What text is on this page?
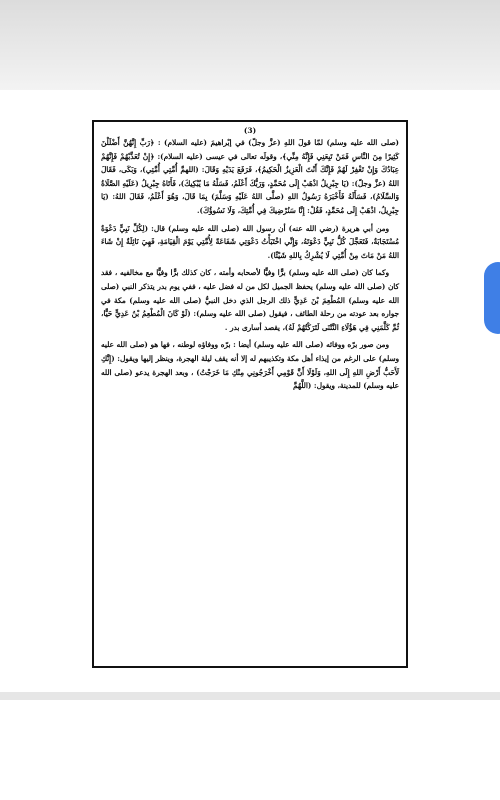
(3)

(صلى الله عليه وسلم) لمّا قولَ اللهِ (عزَّ وجلّ) في إبْراهيمَ (عليه السلام) : ﴿رَبِّ إِنَّهُنَّ أَضْلَلْنَ كَثِيرًا مِنَ النَّاسِ فَمَنْ تَبِعَنِي فَإِنَّهُ مِنِّي﴾، وقولَه تعالى في عيسى (عليه السلام): ﴿إِنْ تُعَذِّبْهُمْ فَإِنَّهُمْ عِبَادُكَ وَإِنْ تَغْفِرْ لَهُمْ فَإِنَّكَ أَنْتَ الْعَزِيزُ الْحَكِيمُ﴾، فَرَفَعَ يَدَيْهِ وَقَالَ: (اللهمَّ أُمَّتِي أُمَّتِي)، وَبَكَى، فَقَالَ اللهُ (عزَّ وجلّ): (يَا جِبْرِيلُ اذْهَبْ إِلَى مُحَمَّدٍ، وَرَبُّكَ أَعْلَمُ، فَسَلْهُ مَا يُبْكِيكَ)، فَأَتَاهُ جِبْرِيلُ (عَلَيْهِ الصَّلَاةُ وَالسَّلَامُ)، فَسَأَلَهُ فَأَخْبَرَهُ رَسُولُ اللهِ (صلَّى اللهُ عَلَيْهِ وَسَلَّمَ) بِمَا قَالَ، وَهُوَ أَعْلَمُ، فَقَالَ اللهُ: (يَا جِبْرِيلُ، اذْهَبْ إِلَى مُحَمَّدٍ، فَقُلْ: إِنَّا سَنُرْضِيكَ فِي أُمَّتِكَ، وَلَا نَسُوؤُكَ).

ومن أبي هريرة (رضي الله عنه) أن رسول الله (صلى الله عليه وسلم) قال: (لِكُلِّ نَبِيٍّ دَعْوَةٌ مُسْتَجَابَةٌ، فَتَعَجَّلَ كُلُّ نَبِيٍّ دَعْوَتَهُ، وَإِنِّي اخْتَبَأْتُ دَعْوَتِي شَفَاعَةً لِأُمَّتِي يَوْمَ الْقِيَامَةِ، فَهِيَ نَائِلَةٌ إِنْ شَاءَ اللهُ مَنْ مَاتَ مِنْ أُمَّتِي لَا يُشْرِكُ بِاللهِ شَيْئًا).

وكما كان (صلى الله عليه وسلم) برًّا وفيًّا لأصحابه وأمته ، كان كذلك برًّا وفيًّا مع مخالفيه ، فقد كان (صلى الله عليه وسلم) يحفظ الجميل لكل من له فضل عليه ، ففي يوم بدر يتذكر النبي (صلى الله عليه وسلم) المُطْعِمَ بْنَ عَدِيٍّ ذلك الرجل الذي دخل النبيُّ (صلى الله عليه وسلم) مكة في جواره بعد عودته من رحلة الطائف ، فيقول (صلى الله عليه وسلم): (لَوْ كَانَ الْمُطْعِمُ بْنُ عَدِيٍّ حَيًّا، ثُمَّ كَلَّمَنِي فِي هَؤُلَاءِ النَّتْنَى لَتَرَكْتُهُمْ لَهُ)، يقصد أسارى بدر .

ومن صور برّه ووفائه (صلى الله عليه وسلم) أيضا : برّه ووفاؤه لوطنه ، فها هو (صلى الله عليه وسلم) على الرغم من إيذاء أهل مكة وتكذيبهم له إلا أنه يقف ليلة الهجرة، وينظر إليها ويقول: (إِنَّكِ لَأَحَبُّ أَرْضِ اللهِ إِلَى اللهِ، وَلَوْلَا أَنَّ قَوْمِي أَخْرَجُونِي مِنْكِ مَا خَرَجْتُ) ، وبعد الهجرة يدعو (صلى الله عليه وسلم) للمدينة، ويقول: (اللَّهُمَّ
